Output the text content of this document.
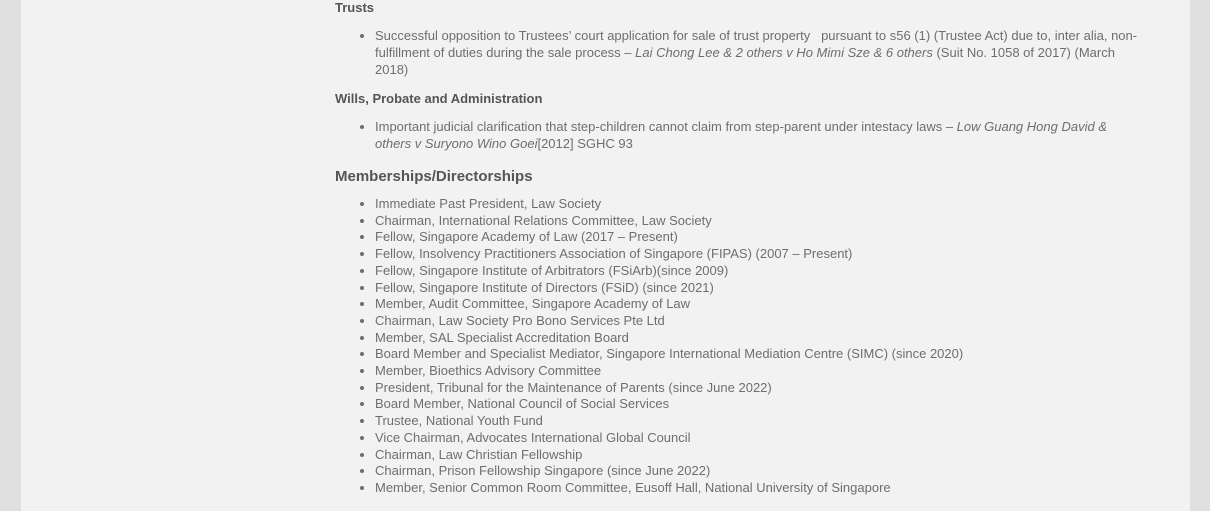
Trusts
• Successful opposition to Trustees’ court application for sale of trust property   pursuant to s56 (1) (Trustee Act) due to, inter alia, non-fulfillment of duties during the sale process – Lai Chong Lee & 2 others v Ho Mimi Sze & 6 others (Suit No. 1058 of 2017) (March 2018)
Wills, Probate and Administration
• Important judicial clarification that step-children cannot claim from step-parent under intestacy laws – Low Guang Hong David & others v Suryono Wino Goei[2012] SGHC 93
Memberships/Directorships
• Immediate Past President, Law Society
• Chairman, International Relations Committee, Law Society
• Fellow, Singapore Academy of Law (2017 – Present)
• Fellow, Insolvency Practitioners Association of Singapore (FIPAS) (2007 – Present)
• Fellow, Singapore Institute of Arbitrators (FSiArb)(since 2009)
• Fellow, Singapore Institute of Directors (FSiD) (since 2021)
• Member, Audit Committee, Singapore Academy of Law
• Chairman, Law Society Pro Bono Services Pte Ltd
• Member, SAL Specialist Accreditation Board
• Board Member and Specialist Mediator, Singapore International Mediation Centre (SIMC) (since 2020)
• Member, Bioethics Advisory Committee
• President, Tribunal for the Maintenance of Parents (since June 2022)
• Board Member, National Council of Social Services
• Trustee, National Youth Fund
• Vice Chairman, Advocates International Global Council
• Chairman, Law Christian Fellowship
• Chairman, Prison Fellowship Singapore (since June 2022)
• Member, Senior Common Room Committee, Eusoff Hall, National University of Singapore
